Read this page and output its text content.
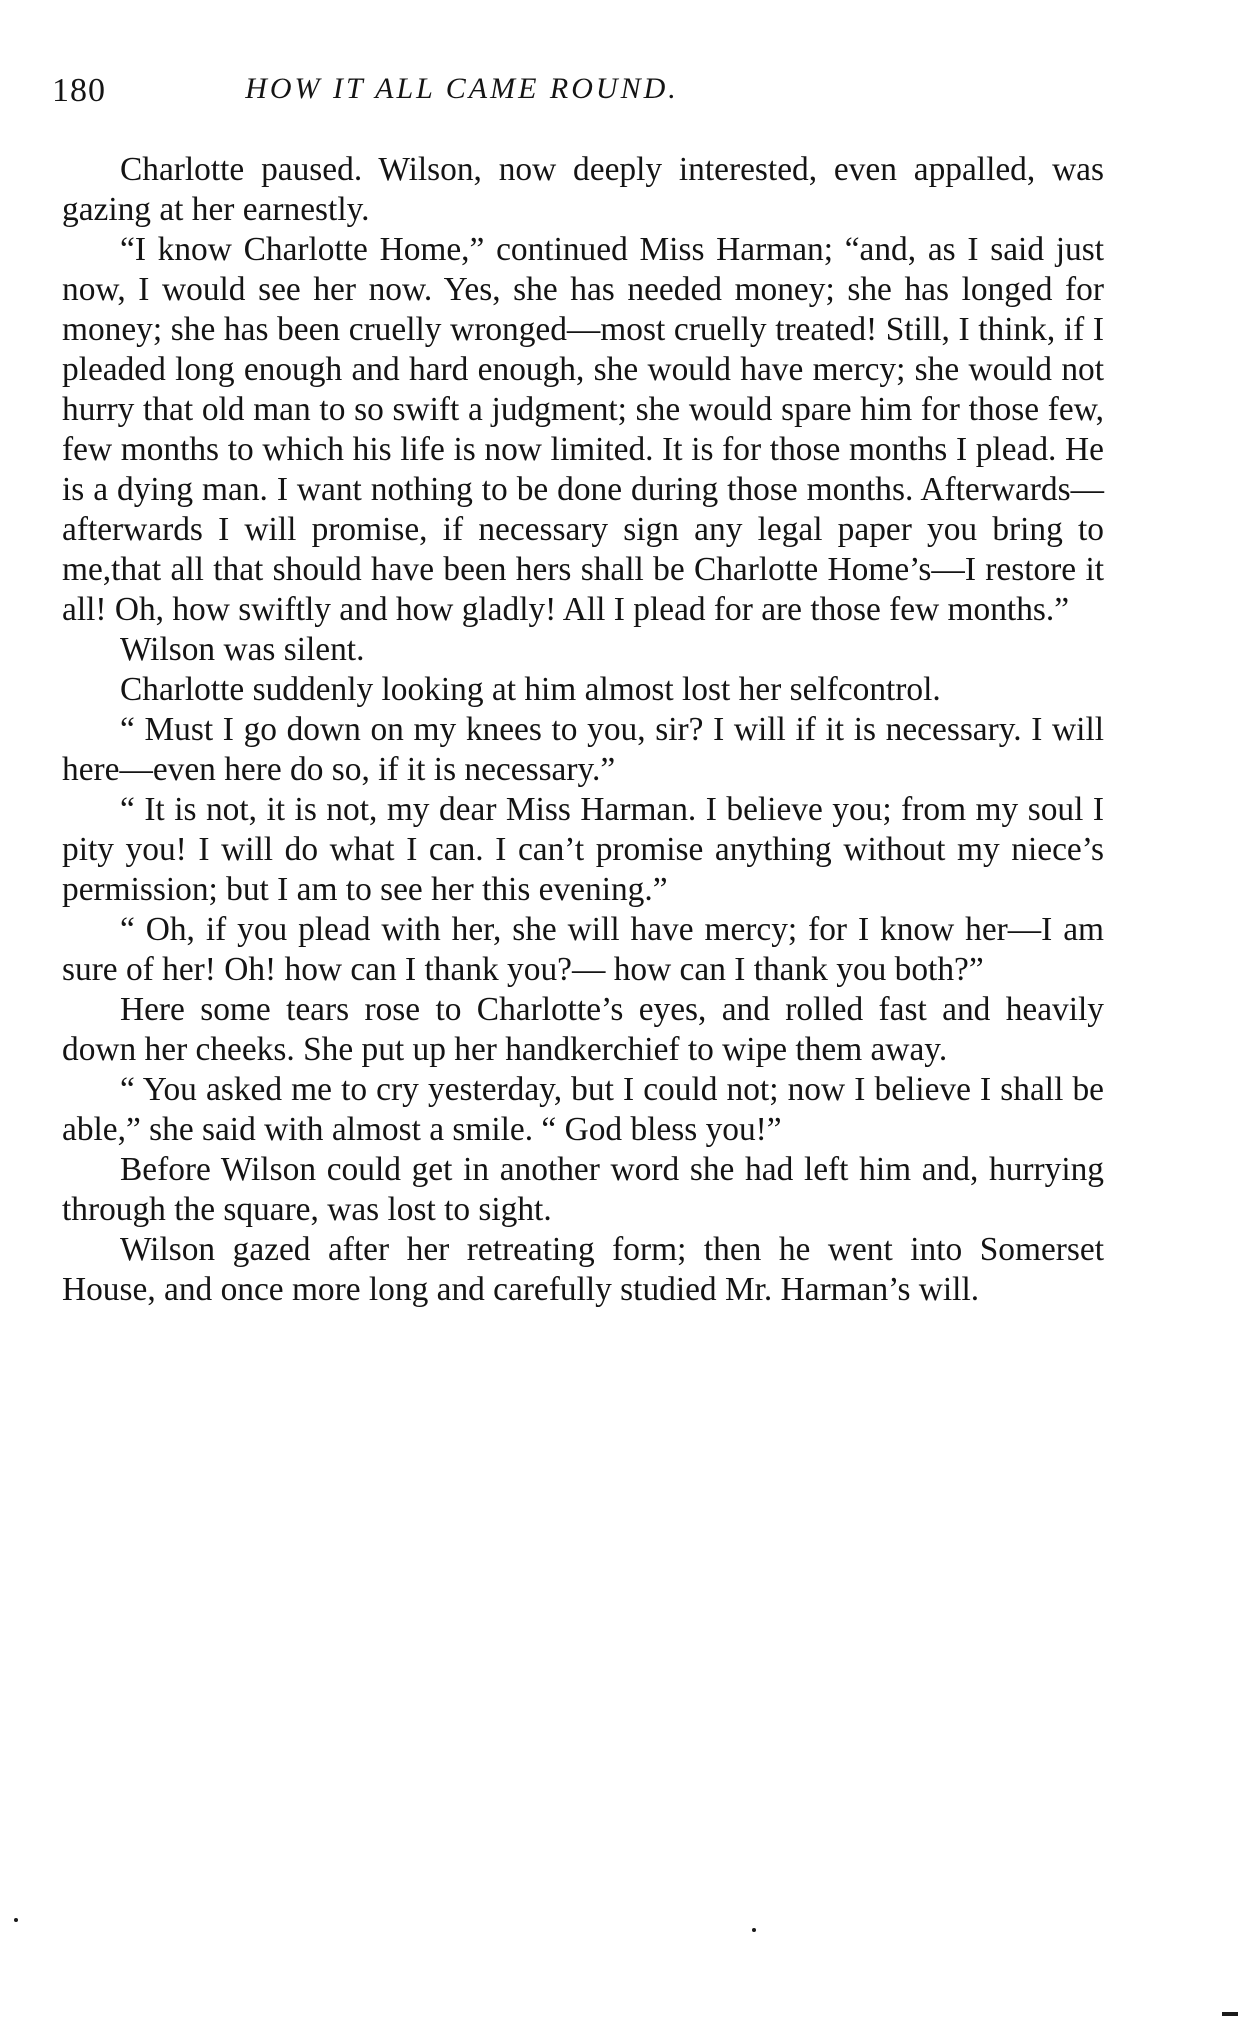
180	HOW IT ALL CAME ROUND.

Charlotte paused. Wilson, now deeply interested, even appalled, was gazing at her earnestly.

“I know Charlotte Home,” continued Miss Harman; “and, as I said just now, I would see her now. Yes, she has needed money; she has longed for money; she has been cruelly wronged—most cruelly treated! Still, I think, if I pleaded long enough and hard enough, she would have mercy; she would not hurry that old man to so swift a judgment; she would spare him for those few, few months to which his life is now limited. It is for those months I plead. He is a dying man. I want nothing to be done during those months. Afterwards—afterwards I will promise, if necessary sign any legal paper you bring to me,that all that should have been hers shall be Charlotte Home’s—I restore it all! Oh, how swiftly and how gladly! All I plead for are those few months.”

Wilson was silent.

Charlotte suddenly looking at him almost lost her selfcontrol.

“ Must I go down on my knees to you, sir? I will if it is necessary. I will here—even here do so, if it is necessary.”

“ It is not, it is not, my dear Miss Harman. I believe you; from my soul I pity you! I will do what I can. I can’t promise anything without my niece’s permission; but I am to see her this evening.”

“ Oh, if you plead with her, she will have mercy; for I know her—I am sure of her! Oh! how can I thank you?— how can I thank you both?”

Here some tears rose to Charlotte’s eyes, and rolled fast and heavily down her cheeks. She put up her handkerchief to wipe them away.

“ You asked me to cry yesterday, but I could not; now I believe I shall be able,” she said with almost a smile. “ God bless you!”

Before Wilson could get in another word she had left him and, hurrying through the square, was lost to sight.

Wilson gazed after her retreating form; then he went into Somerset House, and once more long and carefully studied Mr. Harman’s will.
